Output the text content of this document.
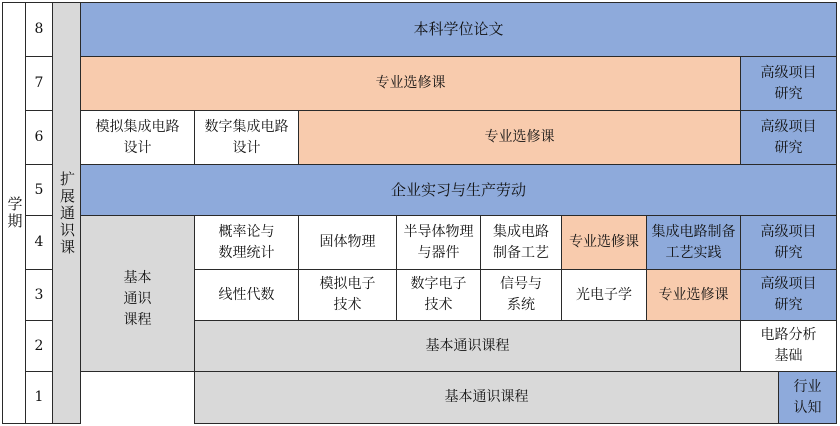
学期
8
7
6
5
4
3
2
1
扩展通识课
本科学位论文
专业选修课
高级项目
研究
模拟集成电路
设计
数字集成电路
设计
专业选修课
高级项目
研究
企业实习与生产劳动
基本
通识
课程
概率论与
数理统计
固体物理
半导体物理
与器件
集成电路
制备工艺
专业选修课
集成电路制备
工艺实践
高级项目
研究
线性代数
模拟电子
技术
数字电子
技术
信号与
系统
光电子学	专业选修课
高级项目
研究
基本通识课程
电路分析
基础
基本通识课程
行业
认知
